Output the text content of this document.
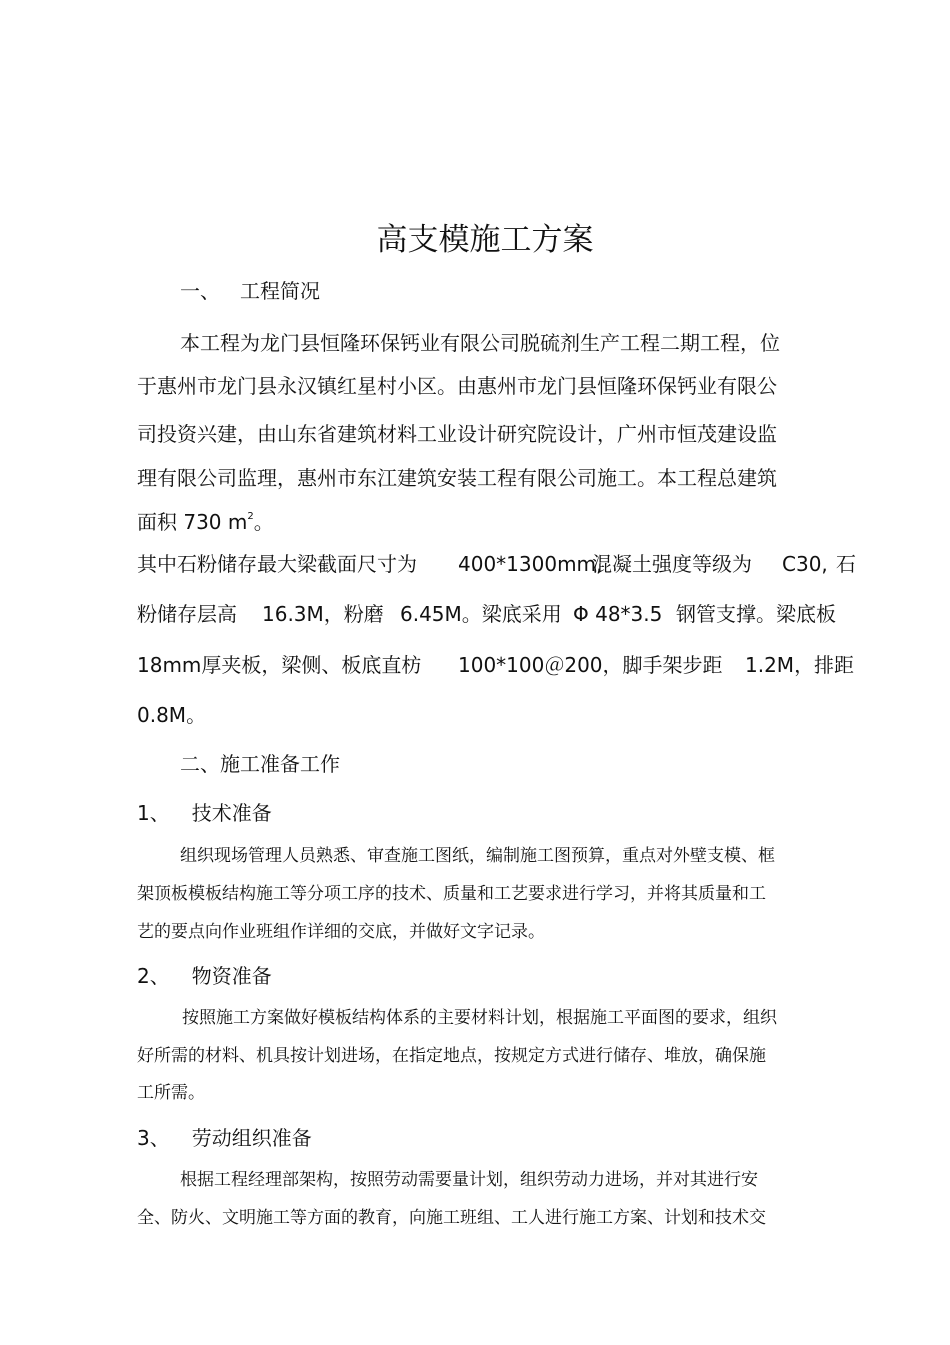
高支模施工方案
一、 工程简况
本工程为龙门县恒隆环保钙业有限公司脱硫剂生产工程二期工程，位
于惠州市龙门县永汉镇红星村小区。由惠州市龙门县恒隆环保钙业有限公
司投资兴建，由山东省建筑材料工业设计研究院设计，广州市恒茂建设监
理有限公司监理，惠州市东江建筑安装工程有限公司施工。本工程总建筑
面积 730 $m^2$。
其中石粉储存最大梁截面尺寸为 400*1300mm,
混凝土强度等级为 C30, 石
粉储存层高 16.3M，粉磨 6.45M。梁底采用 Φ 48*3.5 钢管支撑。梁底板
18mm厚夹板，梁侧、板底直枋 100*100＠200，脚手架步距 1.2M，排距
0.8M。
二、施工准备工作
1、 技术准备
组织现场管理人员熟悉、审查施工图纸，编制施工图预算，重点对外壁支模、框
架顶板模板结构施工等分项工序的技术、质量和工艺要求进行学习，并将其质量和工
艺的要点向作业班组作详细的交底，并做好文字记录。
2、 物资准备
按照施工方案做好模板结构体系的主要材料计划，根据施工平面图的要求，组织
好所需的材料、机具按计划进场，在指定地点，按规定方式进行储存、堆放，确保施
工所需。
3、 劳动组织准备
根据工程经理部架构，按照劳动需要量计划，组织劳动力进场，并对其进行安
全、防火、文明施工等方面的教育，向施工班组、工人进行施工方案、计划和技术交
